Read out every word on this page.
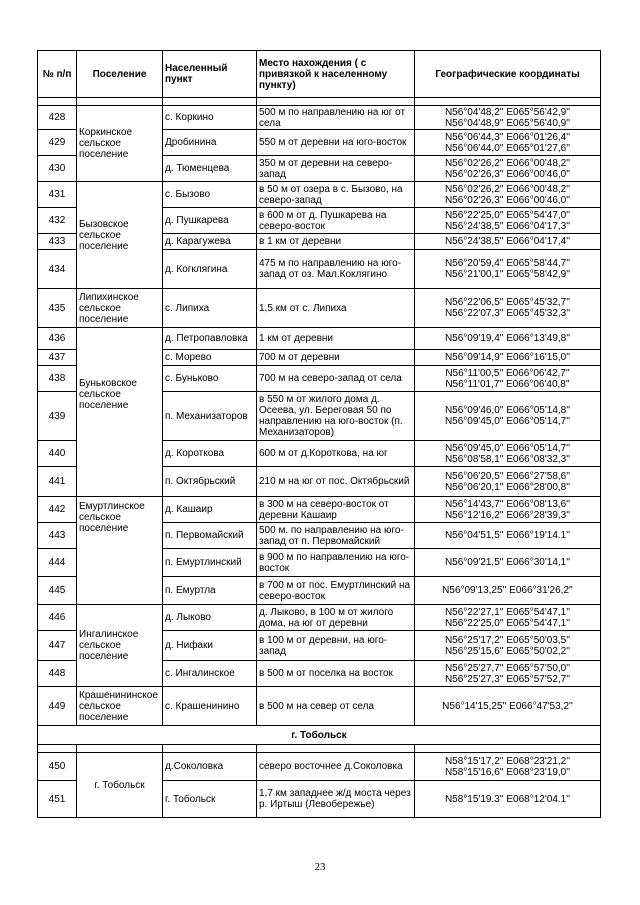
№ п/п	Поселение	Населенный пункт	Место нахождения ( с привязкой к населенному пункту)	Географические координаты

428	Коркинское сельское поселение	с. Коркино	500 м по направлению на юг от села	N56°04'48,2'' E065°56'42,9''
N56°04'48,9'' E065°56'40,9''
429		Дробинина	550 м от деревни на юго-восток	N56°06'44,3'' E066°01'26,4''
N56°06'44,0'' E065°01'27,6''
430		д. Тюменцева	350 м от деревни на северо-запад	N56°02'26,2'' E066°00'48,2''
N56°02'26,3'' E066°00'46,0''
431	Бызовское сельское поселение	с. Бызово	в 50 м от озера в с. Бызово, на северо-запад	N56°02'26,2'' E066°00'48,2''
N56°02'26,3'' E066°00'46,0''
432		д. Пушкарева	в 600 м от д. Пушкарева на северо-восток	N56°22'25,0'' E065°54'47,0''
N56°24'38,5'' E066°04'17,3''
433		д. Карагужева	в 1 км от деревни	N56°24'38,5'' E066°04'17,4''
434		д. Когклягина	475 м по направлению на юго-запад от оз. Мал.Коклягино	N56°20'59,4'' E065°58'44,7''
N56°21'00,1'' E065°58'42,9''
435	Липихинское сельское поселение	с. Липиха	1,5 км от с. Липиха	N56°22'06,5'' E065°45'32,7''
N56°22'07,3'' E065°45'32,3''
436	Буньковское сельское поселение	д. Петропавловка	1 км от деревни	N56°09'19,4'' E066°13'49,8''
437		с. Морево	700 м от деревни	N56°09'14,9'' E066°16'15,0''
438		с. Буньково	700 м на северо-запад от села	N56°11'00,5'' E066°06'42,7''
N56°11'01,7'' E066°06'40,8''
439		п. Механизаторов	в 550 м от жилого дома д. Осеева, ул. Береговая 50 по направлению на юго-восток (п. Механизаторов)	N56°09'46,0'' E066°05'14,8''
N56°09'45,0'' E066°05'14,7''
440		д. Короткова	600 м от д.Короткова, на юг	N56°09'45,0'' E066°05'14,7''
N56°08'58,1'' E066°08'32,3''
441		п. Октябрьский	210 м на юг от пос. Октябрьский	N56°06'20,5'' E066°27'58,6''
N56°06'20,1'' E066°28'00,8''
442	Емуртлинское сельское поселение	д. Кашаир	в 300 м на северо-восток от деревни Кашаир	N56°14'43,7'' E066°08'13,6''
N56°12'16,2'' E066°28'39,3''
443		п. Первомайский	500 м. по направлению на юго-запад от п. Первомайский	N56°04'51,5'' E066°19'14.1''
444		п. Емуртлинский	в 900 м по направлению на юго-восток	N56°09'21,5'' E066°30'14,1''
445		п. Емуртла	в 700 м от пос. Емуртлинский на северо-восток	N56°09'13,25'' E066°31'26,2''
446	Ингалинское сельское поселение	д. Лыково	д. Лыково, в 100 м от жилого дома, на юг от деревни	N56°22'27,1'' E065°54'47,1''
N56°22'25,0'' E065°54'47,1''
447		д. Нифаки	в 100 м от деревни, на юго-запад	N56°25'17,2'' E065°50'03,5''
N56°25'15,6'' E065°50'02,2''
448		с. Ингалинское	в 500 м от поселка на восток	N56°25'27,7'' E065°57'50,0''
N56°25'27,3'' E065°57'52,7''
449	Крашенининское сельское поселение	с. Крашенинино	в 500 м на север от села	N56°14'15,25'' E066°47'53,2''
г. Тобольск				

450	г. Тобольск	д.Соколовка	северо восточнее д.Соколовка	N58°15'17,2'' E068°23'21,2''
N58°15'16,6'' E068°23'19,0''
451		г. Тобольск	1,7 км западнее ж/д моста через р. Иртыш (Левобережье)	N58°15'19.3'' E068°12'04.1''
23
